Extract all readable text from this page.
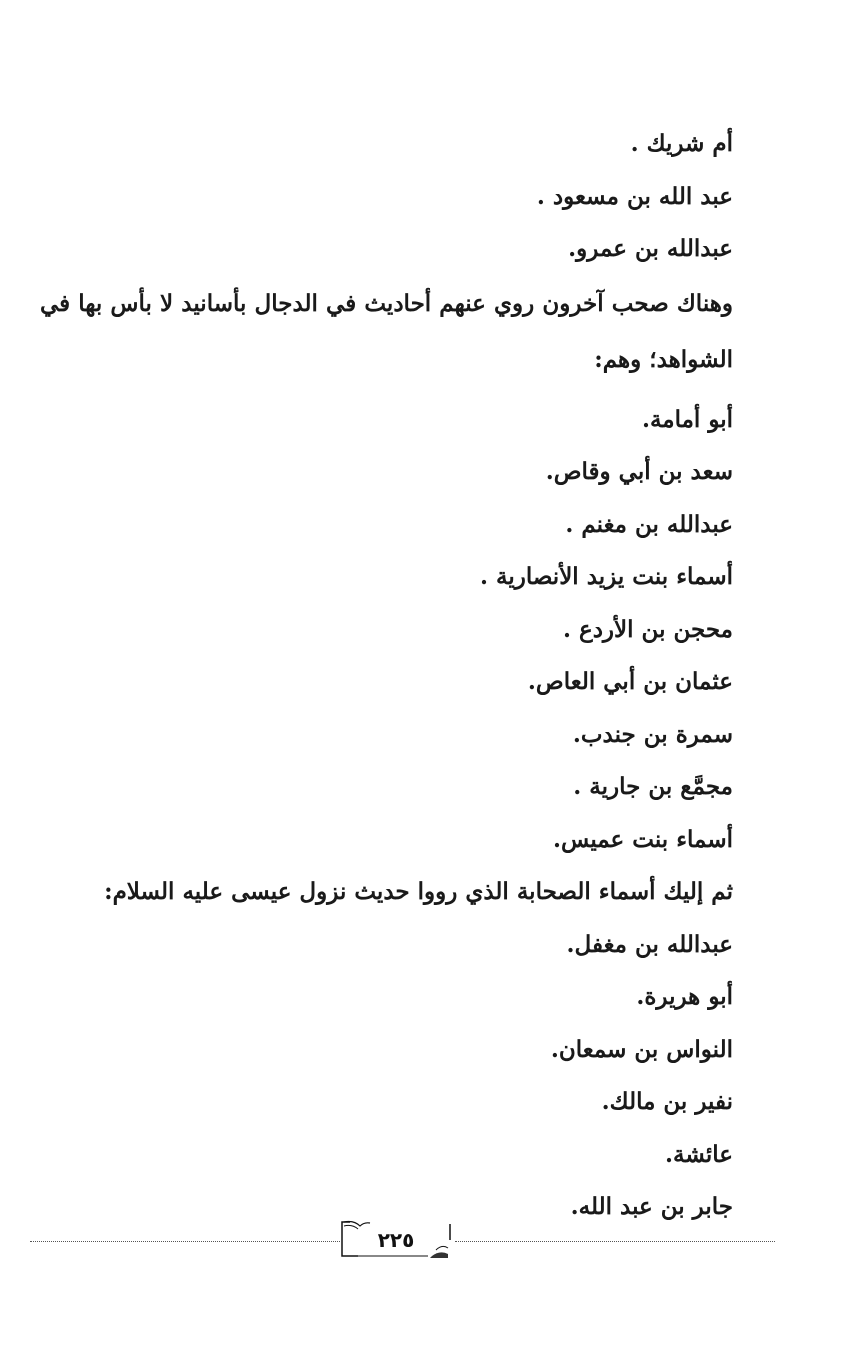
أم شريك .
عبد الله بن مسعود .
عبدالله بن عمرو.
وهناك صحب آخرون روي عنهم أحاديث في الدجال بأسانيد لا بأس بها في الشواهد؛ وهم:
أبو أمامة.
سعد بن أبي وقاص.
عبدالله بن مغنم .
أسماء بنت يزيد الأنصارية .
محجن بن الأردع .
عثمان بن أبي العاص.
سمرة بن جندب.
مجمَّع بن جارية .
أسماء بنت عميس.
ثم إليك أسماء الصحابة الذي رووا حديث نزول عيسى عليه السلام:
عبدالله بن مغفل.
أبو هريرة.
النواس بن سمعان.
نفير بن مالك.
عائشة.
جابر بن عبد الله.
٢٢٥
